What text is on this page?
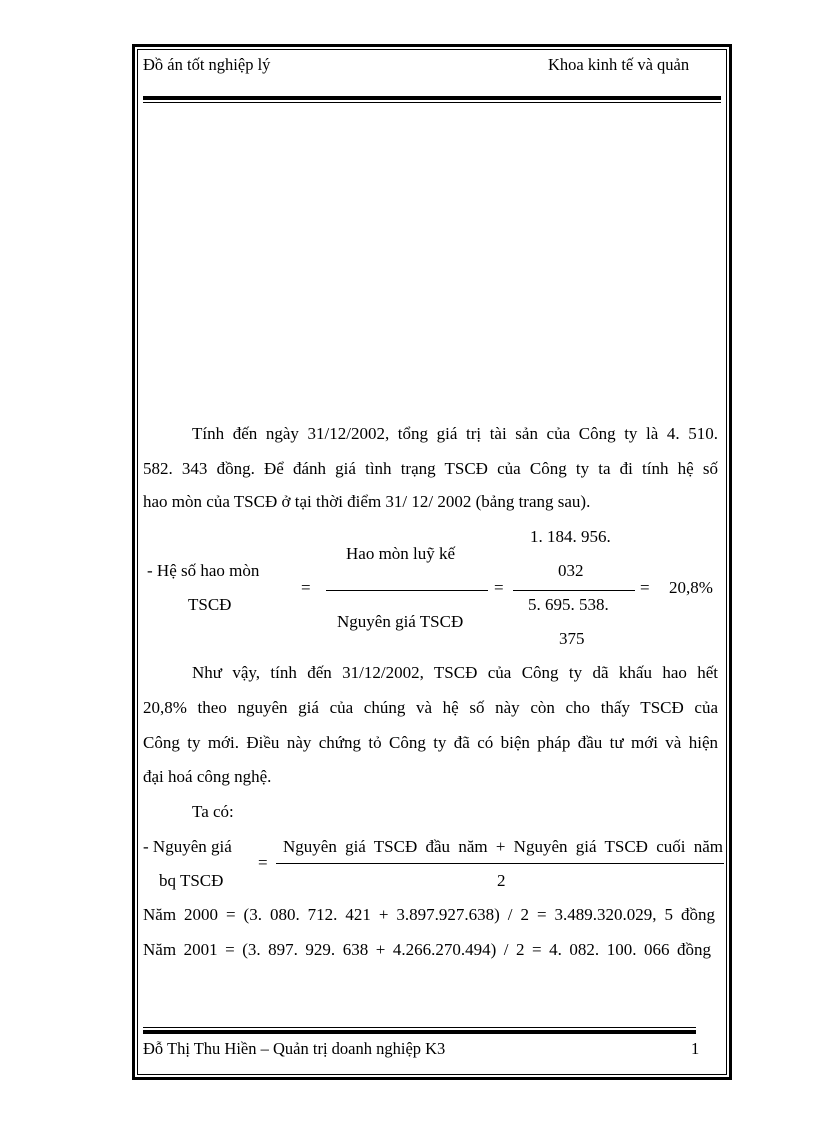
Đồ án tốt nghiệp lý	Khoa kinh tế và quản
Tính đến ngày 31/12/2002, tổng giá trị tài sản của Công ty là 4. 510.
582. 343 đồng. Để đánh giá tình trạng TSCĐ của Công ty ta đi tính hệ số
hao mòn của TSCĐ ở tại thời điểm 31/ 12/ 2002 (bảng trang sau).
1. 184. 956.
Hao mòn luỹ kế
- Hệ số hao mòn	032
=	=	= 20,8%
TSCĐ	5. 695. 538.
Nguyên giá TSCĐ
375
Như vậy, tính đến 31/12/2002, TSCĐ của Công ty dã khấu hao hết
20,8% theo nguyên giá của chúng và hệ số này còn cho thấy TSCĐ của
Công ty mới. Điều này chứng tỏ Công ty đã có biện pháp đầu tư mới và hiện
đại hoá công nghệ.
Ta có:
- Nguyên giá	Nguyên giá TSCĐ đầu năm + Nguyên giá TSCĐ cuối năm
=
bq TSCĐ	2
Năm 2000 = (3. 080. 712. 421 + 3.897.927.638) / 2 = 3.489.320.029, 5 đồng
Năm 2001 = (3. 897. 929. 638 + 4.266.270.494) / 2 = 4. 082. 100. 066 đồng
Đỗ Thị Thu Hiền – Quản trị doanh nghiệp K3	1
